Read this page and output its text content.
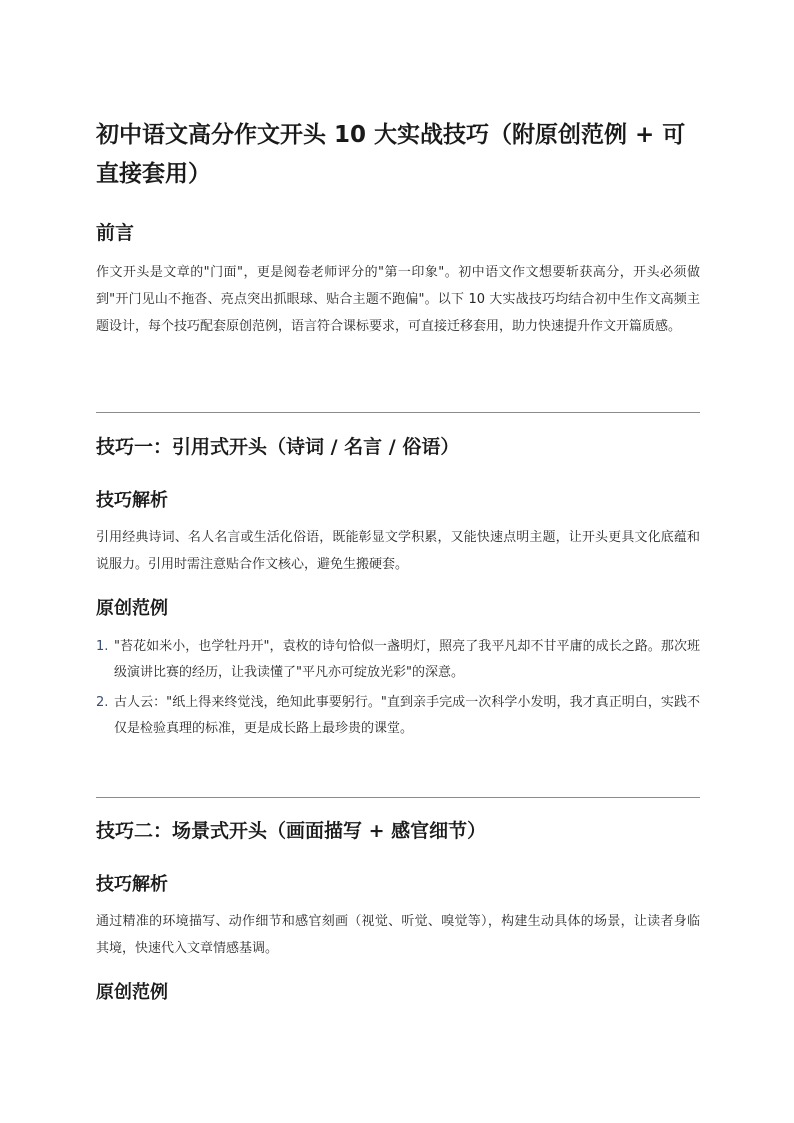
初中语文高分作文开头 10 大实战技巧（附原创范例 + 可直接套用）
前言

作文开头是文章的"门面"，更是阅卷老师评分的"第一印象"。初中语文作文想要斩获高分，开头必须做到"开门见山不拖沓、亮点突出抓眼球、贴合主题不跑偏"。以下 10 大实战技巧均结合初中生作文高频主题设计，每个技巧配套原创范例，语言符合课标要求，可直接迁移套用，助力快速提升作文开篇质感。

技巧一：引用式开头（诗词 / 名言 / 俗语）
技巧解析

引用经典诗词、名人名言或生活化俗语，既能彰显文学积累，又能快速点明主题，让开头更具文化底蕴和说服力。引用时需注意贴合作文核心，避免生搬硬套。

原创范例
1. "苔花如米小，也学牡丹开"，袁枚的诗句恰似一盏明灯，照亮了我平凡却不甘平庸的成长之路。那次班级演讲比赛的经历，让我读懂了"平凡亦可绽放光彩"的深意。
2. 古人云："纸上得来终觉浅，绝知此事要躬行。"直到亲手完成一次科学小发明，我才真正明白，实践不仅是检验真理的标准，更是成长路上最珍贵的课堂。
技巧二：场景式开头（画面描写 + 感官细节）
技巧解析

通过精准的环境描写、动作细节和感官刻画（视觉、听觉、嗅觉等），构建生动具体的场景，让读者身临其境，快速代入文章情感基调。

原创范例
